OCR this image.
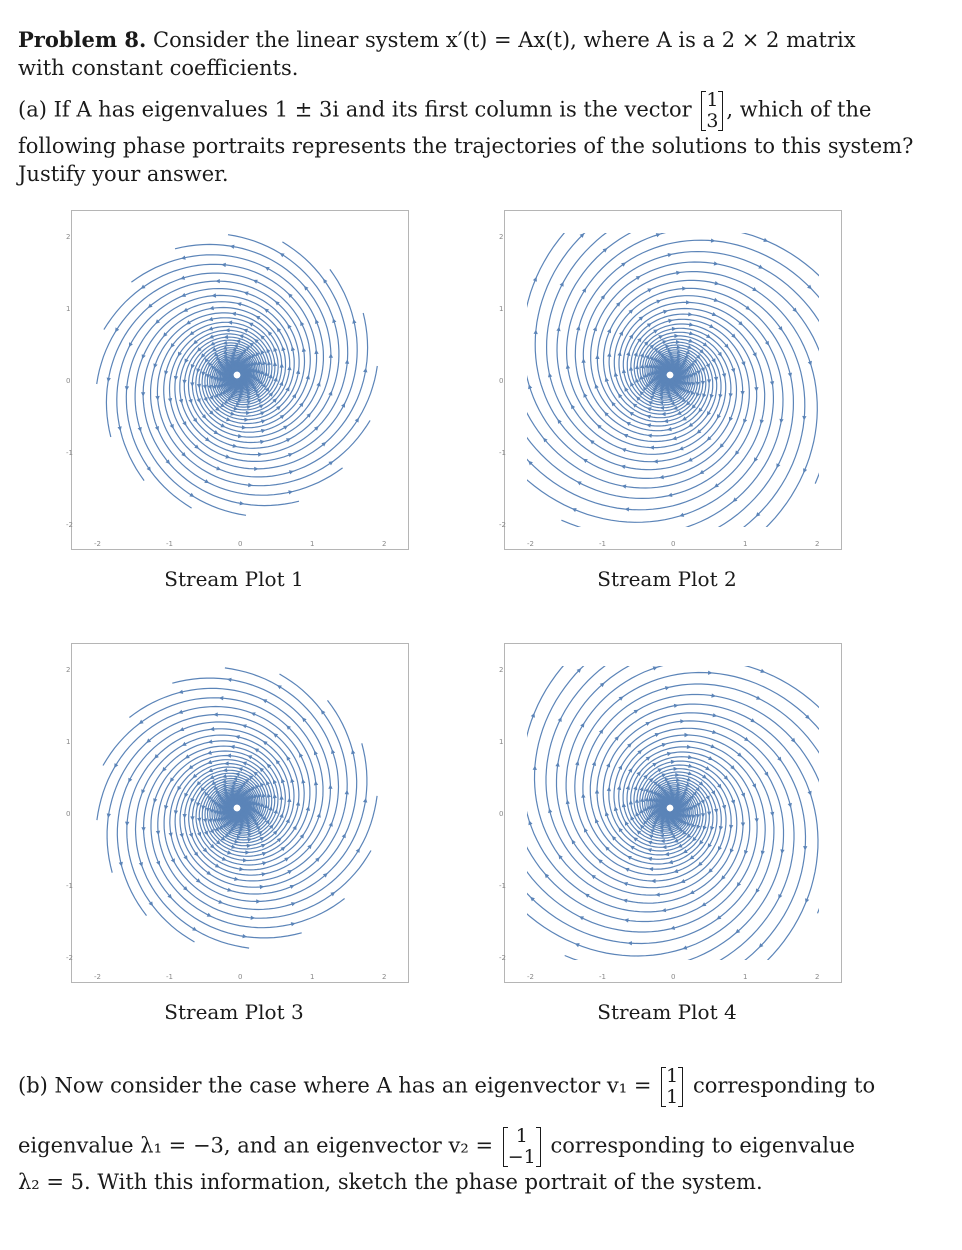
Problem 8. Consider the linear system x′(t) = Ax(t), where A is a 2 × 2 matrix
with constant coefficients.
(a) If A has eigenvalues 1 ± 3i and its first column is the vector 1
3 , which of the
following phase portraits represents the trajectories of the solutions to this system?
Justify your answer.
2
1
0
-1
-2
-2	-1	0	1	2
2
1
0
-1
-2
-2	-1	0	1	2
2
1
0
-1
-2
-2	-1	0	1	2
2
1
0
-1
-2
-2	-1	0	1	2
Stream Plot 1	Stream Plot 2
Stream Plot 3	Stream Plot 4
(b) Now consider the case where A has an eigenvector v₁ = 1
1 corresponding to
eigenvalue λ₁ = −3, and an eigenvector v₂ =	1
−1 corresponding to eigenvalue
λ₂ = 5. With this information, sketch the phase portrait of the system.
